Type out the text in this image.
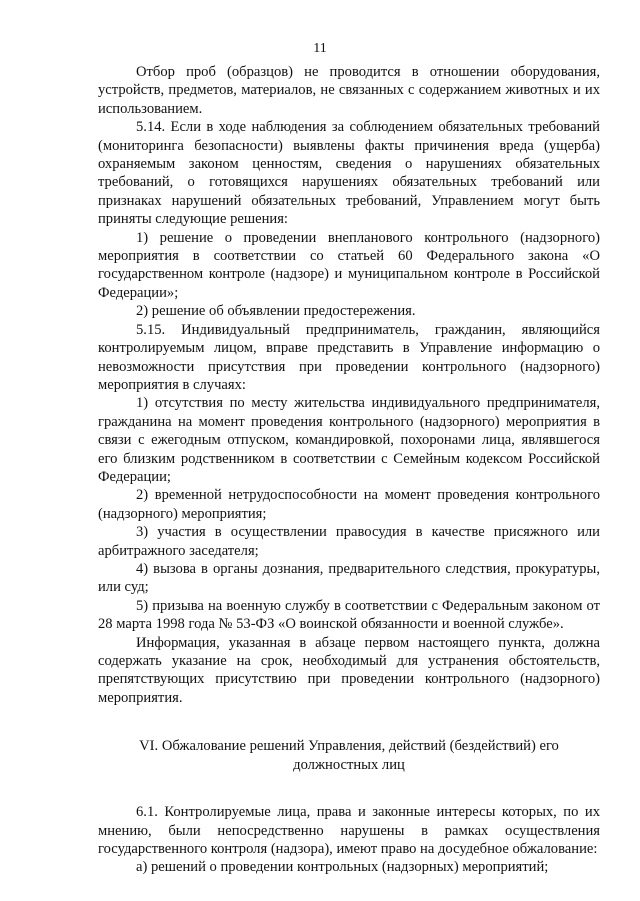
11

Отбор проб (образцов) не проводится в отношении оборудования, устройств, предметов, материалов, не связанных с содержанием животных и их использованием.

5.14. Если в ходе наблюдения за соблюдением обязательных требований (мониторинга безопасности) выявлены факты причинения вреда (ущерба) охраняемым законом ценностям, сведения о нарушениях обязательных требований, о готовящихся нарушениях обязательных требований или признаках нарушений обязательных требований, Управлением могут быть приняты следующие решения:

1) решение о проведении внепланового контрольного (надзорного) мероприятия в соответствии со статьей 60 Федерального закона «О государственном контроле (надзоре) и муниципальном контроле в Российской Федерации»;

2) решение об объявлении предостережения.

5.15. Индивидуальный предприниматель, гражданин, являющийся контролируемым лицом, вправе представить в Управление информацию о невозможности присутствия при проведении контрольного (надзорного) мероприятия в случаях:

1) отсутствия по месту жительства индивидуального предпринимателя, гражданина на момент проведения контрольного (надзорного) мероприятия в связи с ежегодным отпуском, командировкой, похоронами лица, являвшегося его близким родственником в соответствии с Семейным кодексом Российской Федерации;

2) временной нетрудоспособности на момент проведения контрольного (надзорного) мероприятия;

3) участия в осуществлении правосудия в качестве присяжного или арбитражного заседателя;

4) вызова в органы дознания, предварительного следствия, прокуратуры, или суд;

5) призыва на военную службу в соответствии с Федеральным законом от 28 марта 1998 года № 53-ФЗ «О воинской обязанности и военной службе».

Информация, указанная в абзаце первом настоящего пункта, должна содержать указание на срок, необходимый для устранения обстоятельств, препятствующих присутствию при проведении контрольного (надзорного) мероприятия.

VI. Обжалование решений Управления, действий (бездействий) его
должностных лиц

6.1. Контролируемые лица, права и законные интересы которых, по их мнению, были непосредственно нарушены в рамках осуществления государственного контроля (надзора), имеют право на досудебное обжалование:

а) решений о проведении контрольных (надзорных) мероприятий;
